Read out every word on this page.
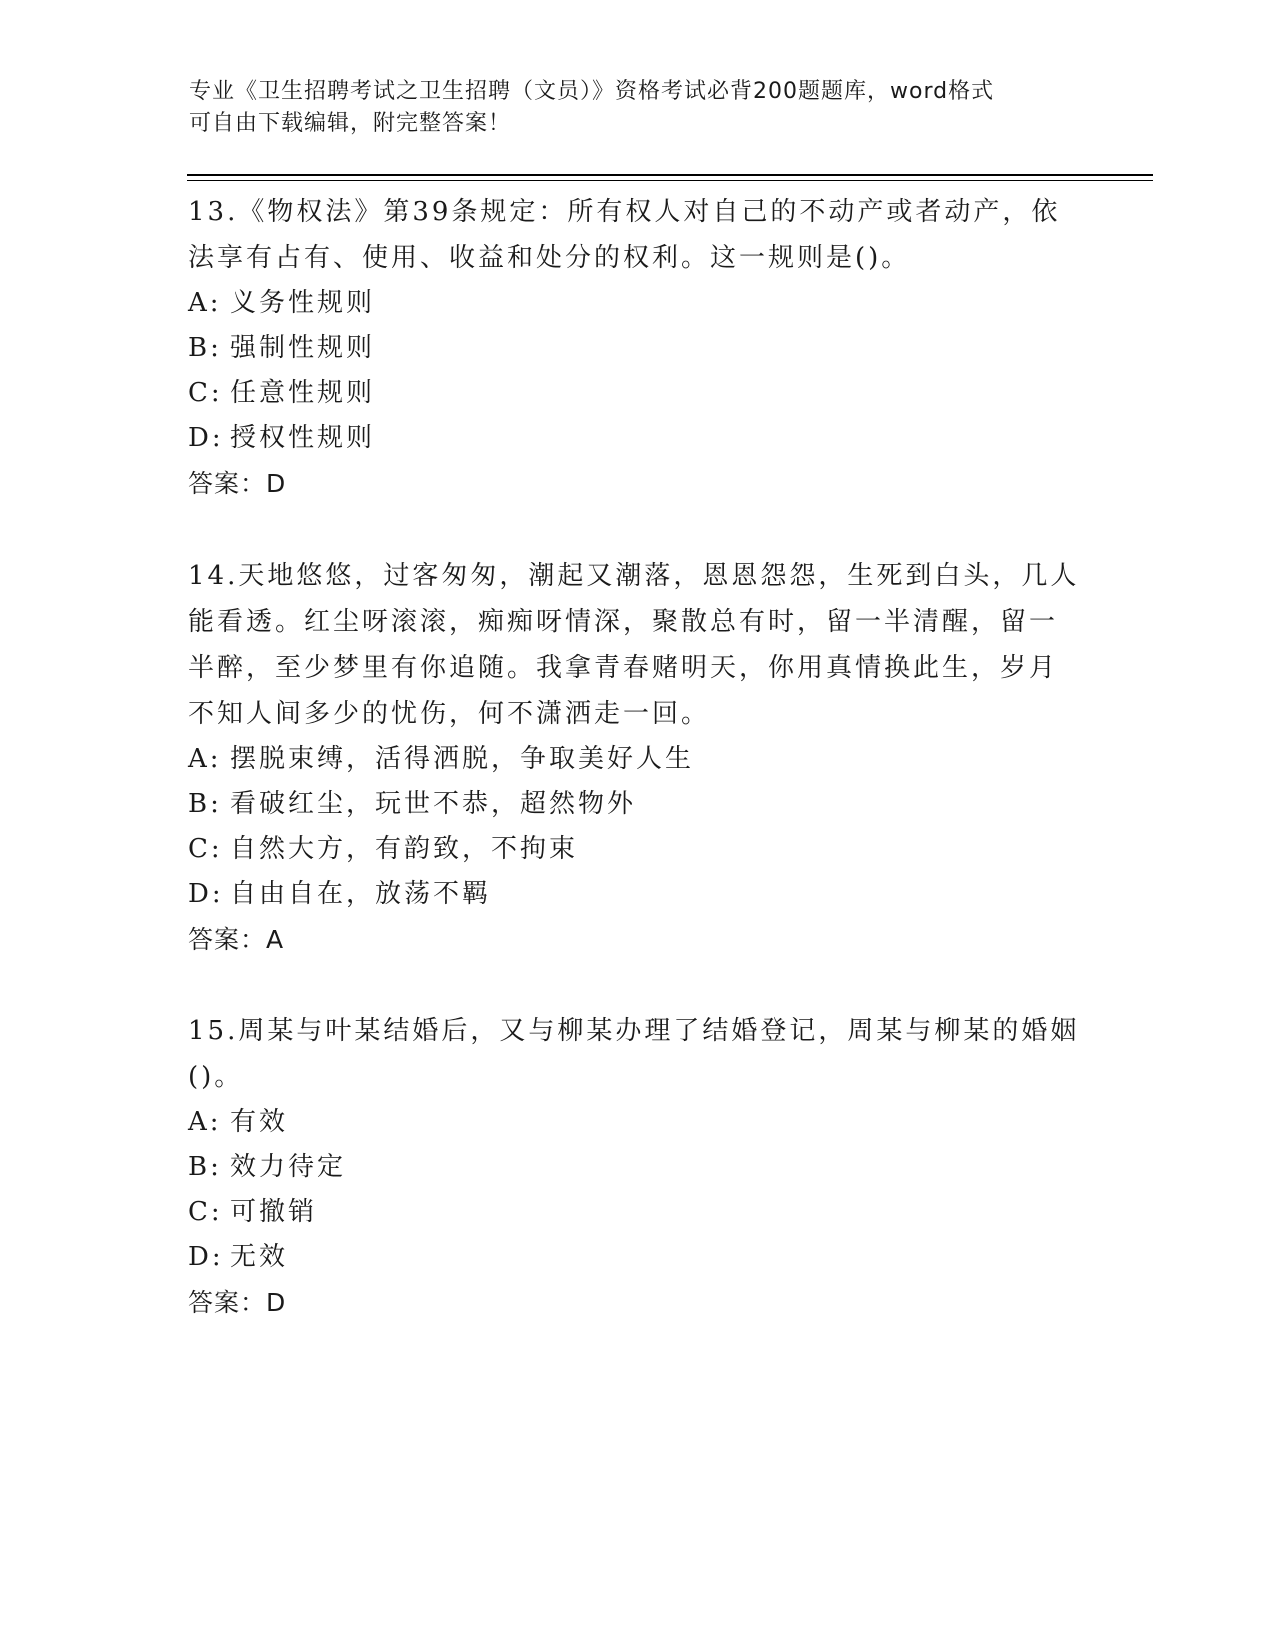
专业《卫生招聘考试之卫生招聘（文员）》资格考试必背200题题库，word格式
可自由下载编辑，附完整答案！

13.《物权法》第39条规定：所有权人对自己的不动产或者动产，依

法享有占有、使用、收益和处分的权利。这一规则是()。

A: 义务性规则

B: 强制性规则

C: 任意性规则

D: 授权性规则

答案：D

14.天地悠悠，过客匆匆，潮起又潮落，恩恩怨怨，生死到白头，几人

能看透。红尘呀滚滚，痴痴呀情深，聚散总有时，留一半清醒，留一

半醉，至少梦里有你追随。我拿青春赌明天，你用真情换此生，岁月

不知人间多少的忧伤，何不潇洒走一回。

A: 摆脱束缚，活得洒脱，争取美好人生

B: 看破红尘，玩世不恭，超然物外

C: 自然大方，有韵致，不拘束

D: 自由自在，放荡不羁

答案：A

15.周某与叶某结婚后，又与柳某办理了结婚登记，周某与柳某的婚姻

()。

A: 有效

B: 效力待定

C: 可撤销

D: 无效

答案：D
